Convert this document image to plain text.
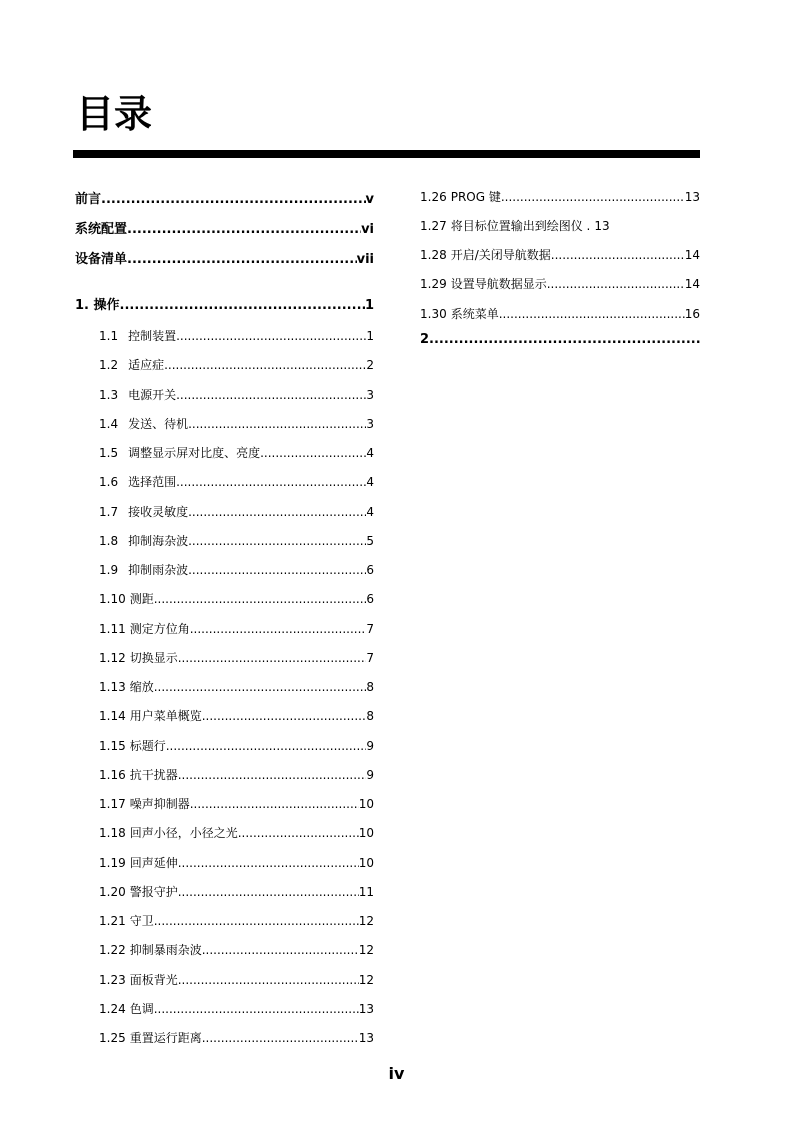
目录
前言 .....	v
系统配置 .....	vi
设备清单 .....	vii
1. 操作 .....	1
1.1 控制装置 .....	1
1.2 适应症 .....	2
1.3 电源开关 .....	3
1.4 发送、待机 .....	3
1.5 调整显示屏对比度、亮度 .....	4
1.6 选择范围 .....	4
1.7 接收灵敏度 .....	4
1.8 抑制海杂波 .....	5
1.9 抑制雨杂波 .....	6
1.10 测距 .....	6
1.11 测定方位角 .....	7
1.12 切换显示 .....	7
1.13 缩放 .....	8
1.14 用户菜单概览 .....	8
1.15 标题行 .....	9
1.16 抗干扰器 .....	9
1.17 噪声抑制器 .....	10
1.18 回声小径，小径之光 .....	10
1.19 回声延伸 .....	10
1.20 警报守护 .....	11
1.21 守卫 .....	12
1.22 抑制暴雨杂波 .....	12
1.23 面板背光 .....	12
1.24 色调 .....	13
1.25 重置运行距离 .....	13
1.26 PROG 键 .....	13
1.27 将目标位置输出到绘图仪 . 13
1.28 开启/关闭导航数据 .....	14
1.29 设置导航数据显示 .....	14
1.30 系统菜单 .....	16
2.
.....
iv
